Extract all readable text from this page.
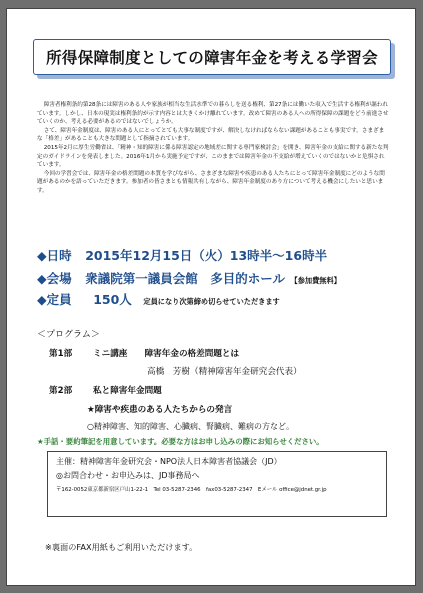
所得保障制度としての障害年金を考える学習会

障害者権利条約第28条には障害のある人や家族が相当な生活水準での暮らしを送る権利、第27条には働いた収入で生活する権利が謳われています。しかし、日本の現実は権利条約が示す内容とは大きくかけ離れています。改めて障害のある人への所得保障の課題をどう前進させていくのか、考える必要があるのではないでしょうか。

さて、障害年金制度は、障害のある人にとってとても大事な制度ですが、解決しなければならない課題があることも事実です。さまざまな「格差」があることも大きな問題として指摘されています。

2015年2月に厚生労働省は、「精神・知的障害に係る障害認定の地域差に関する専門家検討会」を開き、障害年金の支給に関する新たな判定のガイドラインを発表しました。2016年1月から実施予定ですが、このままでは障害年金の不支給が増えていくのではないかと危惧されています。

今回の学習会では、障害年金の格差問題の本質を学びながら、さまざまな障害や疾患のある人たちにとって障害年金制度にどのような問題があるのかを語っていただきます。参加者の皆さまとも情報共有しながら、障害年金制度のあり方について考える機会にしたいと思います。

◆日時 2015年12月15日（火）13時半〜16時半
◆会場 衆議院第一議員会館　多目的ホール 【参加費無料】
◆定員 150人 定員になり次第締め切らせていただきます
＜プログラム＞
第1部 ミニ講座　　障害年金の格差問題とは
高橋　芳樹（精神障害年金研究会代表）
第2部 私と障害年金問題
★障害や疾患のある人たちからの発言
○精神障害、知的障害、心臓病、腎臓病、難病の方など。
★手話・要約筆記を用意しています。必要な方はお申し込みの際にお知らせください。
主催：精神障害年金研究会・NPO法人日本障害者協議会（JD）
◎お問合わせ・お申込みは、JD事務局へ
〒162-0052東京都新宿区戸山1-22-1　Tel 03-5287-2346　fax03-5287-2347　Eメール office@jdnet.gr.jp
※裏面のFAX用紙もご利用いただけます。
